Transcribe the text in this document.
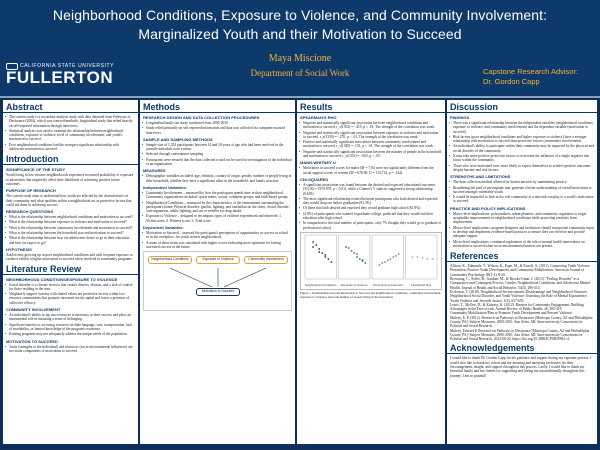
Neighborhood Conditions, Exposure to Violence, and Community Involvement:
Marginalized Youth and their Motivation to Succeed
Maya Miscione
Department of Social Work
CALIFORNIA STATE UNIVERSITY
FULLERTON	Capstone Research Advisor:
Dr. Gordon Capp
Abstract
• The current study is a secondary analysis study with data obtained from Pathways to Desistance (2004), which was a mixed-methods, longitudinal study that relied heavily on self-reported information through interviews.
• Statistical analysis was used to examine the relationship between neighborhood conditions, exposure to violence, level of community involvement, and youth's motivation to succeed.
• Poor neighborhood conditions had the strongest significant relationship with adolescent motivation to succeed.
Introduction
SIGNIFICANCE OF THE STUDY
Youth living in low-income neighborhoods experience increased probability of exposure to adversities that negatively affect their likelihood of achieving positive future outcomes.
PURPOSE OF RESEARCH
The current study aims to understand how youth are affected by the characteristics of their community and what qualities within a neighborhood act as protective factors that could aid them in achieving success.
RESEARCH QUESTIONS
• What is the relationship between neighborhood conditions and motivation to succeed?
• What is the relationship between exposure to violence and motivation to succeed?
• What is the relationship between community involvement and motivation to succeed?
• What is the relationship between the household size and motivation to succeed?
• What is the relationship between how far adolescents desire to go in their education and how far expect to go?
HYPOTHESIS
Adolescents growing up in poor neighborhood conditions and with frequent exposure to violence exhibit a higher motivation to succeed when involved in community programs.
Literature Review
NEIGHBORHOOD CONDITIONS/EXPOSURE TO VIOLENCE
• Social disorder is a chronic stressor that creates distress, distrust, and a lack of control for those residing in the area.
• Neighborly support systems with shared values are protective factors within low-resource communities that promote increased social capital and foster a presence of collective efficacy.
COMMUNITY INVOLVEMENT
• An individual's ability to tap into resources is necessary to their success and plays an instrumental role in nurturing a sense of belonging.
• Significant barriers to accessing resources include language, cost, transportation, lack of availability, or limited knowledge of the program's existence.
• Existing programs may not adequately address the unique needs of the population.
MOTIVATION TO SUCCEED
• Traits (strengths of the individual) and resources (socio-environmental influences) are two main components of motivation to succeed.
Methods
RESEARCH DESIGN AND DATA COLLECTION PROCEDURES
• Longitudinal multi-site study conducted from 2000-2010
• Study relied primarily on self-reported information and data was collected via computer-assisted interviews
SAMPLE AND SAMPLING METHODS
• Sample size of 1,354 participants between 14 and 18 years of age who had been involved in the juvenile and adult court system
• Selected through convenience sampling
• Participants were ensured that the data collected would not be used for investigation of the individual or an organization.
MEASURES
• Demographic variables included: age, ethnicity, country of origin, gender, number of people living in their household, whether they have a significant other in the household, and family structure
Independent Variables:
• Community Involvement – measured by how the participant spends time in their neighborhood. Community organizations included: sports teams, scouts, volunteer groups, and faith-based groups
• Neighborhood Conditions – measured by the characteristics of the environment surrounding the participant's home: Physical disorder: graffiti, fighting, and vandalism on the street; Social disorder: loud arguments, adults fighting, and use of needles for drug intake
• Exposure to Violence – designed to encompass types of violence experienced and observed: 1. Victim score; 2. Witness score; 3. Total score
Dependent Variables:
• Motivation to Succeed – assessed the participant's perceptions of opportunities at success in school or in the workplace, for youth in their neighborhood.
• A mean of these items was calculated with higher scores indicating more optimism for having increased success in the future.
Neighborhood Conditions	Exposure to Violence	Community Involvement
Motivation to Succeed
Results
SPEARMAN'S RHO
• Negative and statistically significant association between neighborhood conditions and motivation to succeed, r_s(1352) = -.415, p < .01. The strength of the correlation was weak.
• Negative and statistically significant association between exposure to violence and motivation to succeed, r_s(1350) = -.270, p < .01. The strength of the correlation was weak.
• Positive and statistically significant association between community involvement and motivation to succeed, r_s(1349) = .101, p < .01. The strength of the correlation was weak.
• Negative and statistically significant association between the number of people in the household and motivation to succeed, r_s(1353) = -.063, p < .05.
MANN-WHITNEY U
• Motivation to succeed scores for males (M = 716) were not significantly different from the social support scores of women (M = 678.00, U = 114,714, p = .144).
CHI-SQUARED
• A significant association was found between the desired and expected educational outcomes (X²(16) = 1979.879, p < 0.01), while a Cramer's V statistic suggested a strong relationship (0.605).
• The most significant relationship existed between participants who both desired and expected they would drop out before graduation (81.3%).
• Of those that both desired and expected they would graduate high school (81.8%).
• (4.8%) of participants who wanted to graduate college, predicted that they would end their education after high school.
• In comparison to the total number of participants, only 7% thought they would go to graduate or professional school.
Neighborhood Conditions Exposure to Violence Community Involvement	Household Size
Figure 1. Relationship between Motivation to Succeed and neighborhood conditions, community involvement, exposure to violence, and total number of people living in the household.
Discussion
FINDINGS
• There was a significant relationship between the independent variables (neighborhood conditions, exposure to violence, and community involvement) and the dependent variable (motivation to succeed).
• Risk factors (poor neighborhood conditions and higher exposure to violence) have a stronger relationship with motivation to succeed than protective factors (community involvement).
• An individual's ability to participate within their community may be impacted by the physical and social disorder of the community.
• It may take more positive protective factors to overcome the influence of a single negative risk factor within the community.
• Those who were motivated were more likely to expect themselves to achieve positive outcomes despite barriers and risk factors.
STRENGTHS AND LIMITATIONS
• The data collection method allowed for honest answers by maintaining privacy.
• Broadening the pool of participants may generate a better understanding of overall motivation to succeed amongst vulnerable youth.
• It would be impactful to look at the role community as a network can play to a youth's motivation to succeed.
PRACTICE AND POLICY IMPLICATIONS
• Macro-level implications: policymakers, urban planners, and community organizers to target sustainable improvements in neighborhood conditions while protecting residents from displacement.
• Mezzo-level implications: program designers and facilitators should incorporate community input to develop and implement evidence-based practices to ensure they are effective and provide adequate support.
• Micro-level implications: continued exploration of the role of mental health intervention on motivation to succeed when socio-environmental barriers are present.
References
Allison, K., Edmonds, T., Wilson, K., Pope, M., & Farrell, A. (2011). Connecting Youth Violence Prevention, Positive Youth Development, and Community Mobilization. American Journal of Community Psychology 48(1-2), 8-20.
Browning, C., Soller, B., Gardner, M., & Brooks-Gunn, J. (2013). "Feeling Disorder" as a Comparative and Contingent Process: Gender, Neighborhood Conditions, and Adolescent Mental Health. Journal of Health and Social Behavior, 54(3), 296-314.
Eccleston, T. (2018). Neighborhood Socioeconomic Disadvantage and Neighborhood Structure, Neighborhood Social Disorder, and Youth Violence: Assessing the Role of Mental Equivalence. Youth Violence and Juvenile Justice, 1(6), 637-655.
Lewis, T., McGee, D., & Kalnasy, K. (2012). Barriers for Community Engagement: Building Advantages in the Face of risk. Annual Review of Public Health, 26, 399-419.
Community Mobilization Plan to Promote Youth Development and Prevent Violence.
Mulvey, E. P. (2012). Research on Pathways to Desistance [Maricopa County, AZ and Philadelphia County, PA]: Subject Measures, 2000-2010. Ann Arbor, MI: Inter-university Consortium for Political and Social Research.
Mulvey, Edward P. Research on Pathways to Desistance [Maricopa County, AZ and Philadelphia County, PA]: Subject Measures, 2000-2010. Ann Arbor, MI: Inter-university Consortium for Political and Social Research, 2012-08-20. https://doi.org/10.3886/ICPSR29961.v1
Acknowledgements
I would like to thank Dr. Gordon Capp for his guidance and support during my capstone process. I would also like to thank my cohort and my amazing and nurturing professors for their encouragement, insight, and support throughout this process. Lastly, I would like to thank my beautiful family and my friends for supporting and loving me unconditionally throughout this journey. I am so grateful!
